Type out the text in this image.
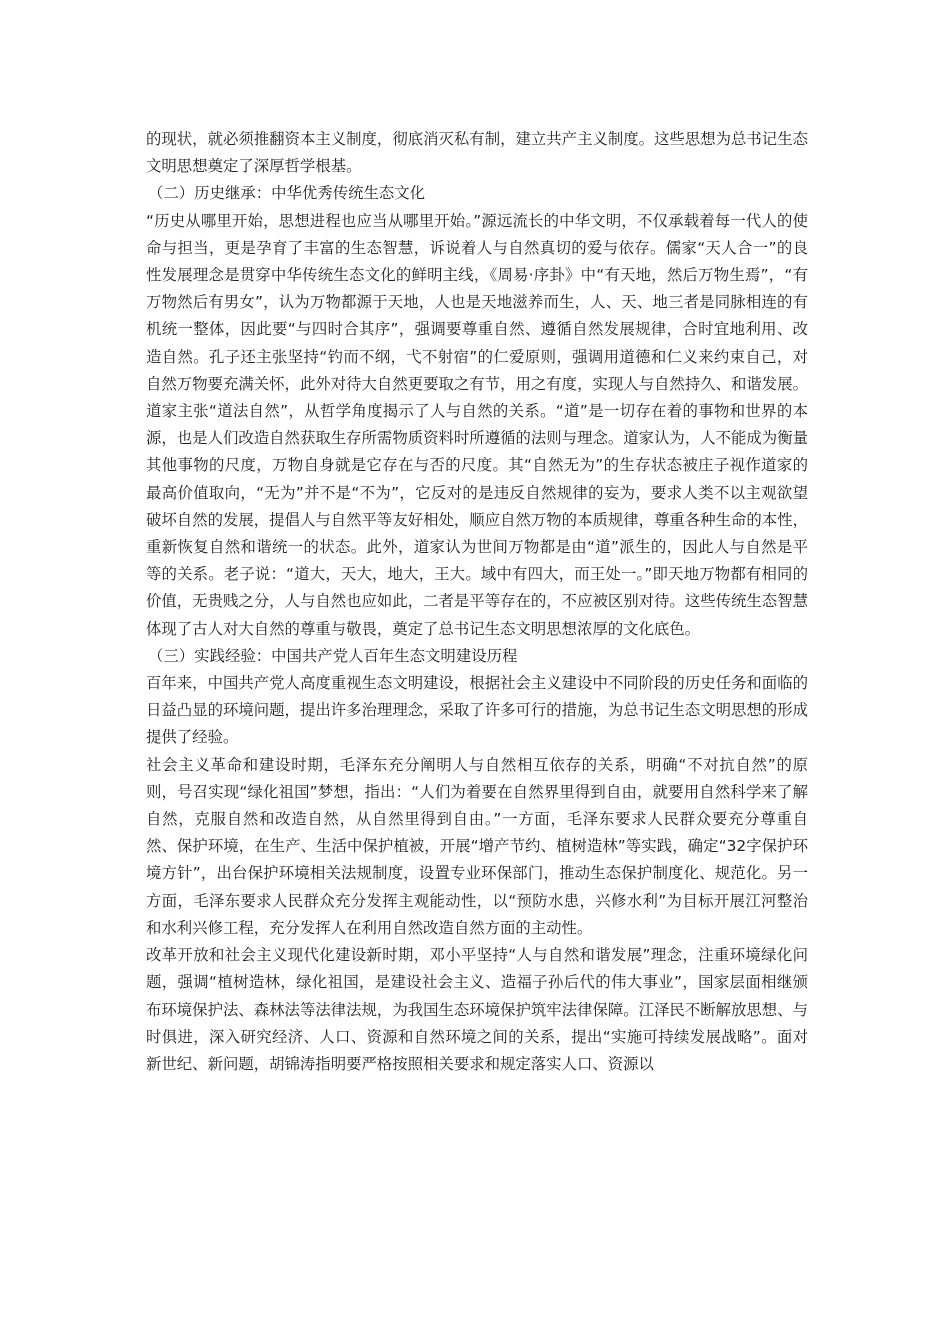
的现状，就必须推翻资本主义制度，彻底消灭私有制，建立共产主义制度。这些思想为总书记生态文明思想奠定了深厚哲学根基。

（二）历史继承：中华优秀传统生态文化

“历史从哪里开始，思想进程也应当从哪里开始。”源远流长的中华文明，不仅承载着每一代人的使命与担当，更是孕育了丰富的生态智慧，诉说着人与自然真切的爱与依存。儒家“天人合一”的良性发展理念是贯穿中华传统生态文化的鲜明主线，《周易·序卦》中“有天地，然后万物生焉”，“有万物然后有男女”，认为万物都源于天地，人也是天地滋养而生，人、天、地三者是同脉相连的有机统一整体，因此要“与四时合其序”，强调要尊重自然、遵循自然发展规律，合时宜地利用、改造自然。孔子还主张坚持“钓而不纲，弋不射宿”的仁爱原则，强调用道德和仁义来约束自己，对自然万物要充满关怀，此外对待大自然更要取之有节，用之有度，实现人与自然持久、和谐发展。道家主张“道法自然”，从哲学角度揭示了人与自然的关系。“道”是一切存在着的事物和世界的本源，也是人们改造自然获取生存所需物质资料时所遵循的法则与理念。道家认为，人不能成为衡量其他事物的尺度，万物自身就是它存在与否的尺度。其“自然无为”的生存状态被庄子视作道家的最高价值取向，“无为”并不是“不为”，它反对的是违反自然规律的妄为，要求人类不以主观欲望破坏自然的发展，提倡人与自然平等友好相处，顺应自然万物的本质规律，尊重各种生命的本性，重新恢复自然和谐统一的状态。此外，道家认为世间万物都是由“道”派生的，因此人与自然是平等的关系。老子说：“道大，天大，地大，王大。域中有四大，而王处一。”即天地万物都有相同的价值，无贵贱之分，人与自然也应如此，二者是平等存在的，不应被区别对待。这些传统生态智慧体现了古人对大自然的尊重与敬畏，奠定了总书记生态文明思想浓厚的文化底色。

（三）实践经验：中国共产党人百年生态文明建设历程

百年来，中国共产党人高度重视生态文明建设，根据社会主义建设中不同阶段的历史任务和面临的日益凸显的环境问题，提出许多治理理念，采取了许多可行的措施，为总书记生态文明思想的形成提供了经验。

社会主义革命和建设时期，毛泽东充分阐明人与自然相互依存的关系，明确“不对抗自然”的原则，号召实现“绿化祖国”梦想，指出：“人们为着要在自然界里得到自由，就要用自然科学来了解自然，克服自然和改造自然，从自然里得到自由。”一方面，毛泽东要求人民群众要充分尊重自然、保护环境，在生产、生活中保护植被，开展“增产节约、植树造林”等实践，确定“32字保护环境方针”，出台保护环境相关法规制度，设置专业环保部门，推动生态保护制度化、规范化。另一方面，毛泽东要求人民群众充分发挥主观能动性，以“预防水患，兴修水利”为目标开展江河整治和水利兴修工程，充分发挥人在利用自然改造自然方面的主动性。

改革开放和社会主义现代化建设新时期，邓小平坚持“人与自然和谐发展”理念，注重环境绿化问题，强调“植树造林，绿化祖国，是建设社会主义、造福子孙后代的伟大事业”，国家层面相继颁布环境保护法、森林法等法律法规，为我国生态环境保护筑牢法律保障。江泽民不断解放思想、与时俱进，深入研究经济、人口、资源和自然环境之间的关系，提出“实施可持续发展战略”。面对新世纪、新问题，胡锦涛指明要严格按照相关要求和规定落实人口、资源以
